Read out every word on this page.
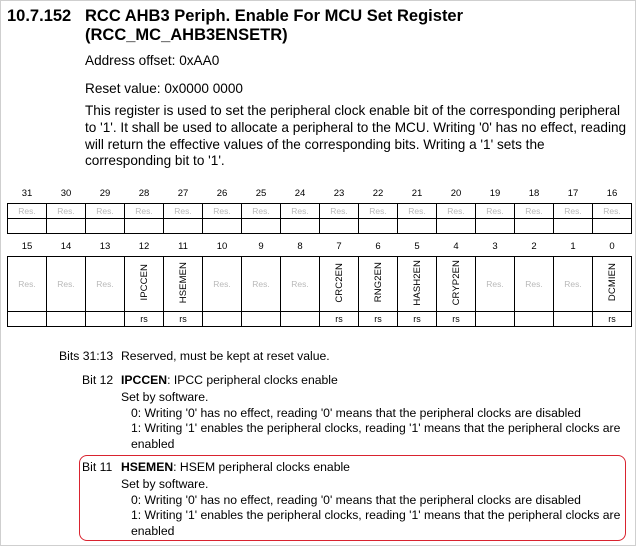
10.7.152 RCC AHB3 Periph. Enable For MCU Set Register (RCC_MC_AHB3ENSETR)
Address offset: 0xAA0
Reset value: 0x0000 0000
This register is used to set the peripheral clock enable bit of the corresponding peripheral to '1'. It shall be used to allocate a peripheral to the MCU. Writing '0' has no effect, reading will return the effective values of the corresponding bits. Writing a '1' sets the corresponding bit to '1'.
31	30	29	28	27	26	25	24	23	22	21	20	19	18	17	16
Res.	Res.	Res.	Res.	Res.	Res.	Res.	Res.	Res.	Res.	Res.	Res.	Res.	Res.	Res.	Res.

15	14	13	12	11	10	9	8	7	6	5	4	3	2	1	0
Res.	Res.	Res.	IPCCEN	HSEMEN	Res.	Res.	Res.	CRC2EN	RNG2EN	HASH2EN	CRYP2EN	Res.	Res.	Res.	DCMIEN
			rs	rs				rs	rs	rs	rs				rs
Bits 31:13 Reserved, must be kept at reset value.
Bit 12 IPCCEN: IPCC peripheral clocks enable
Set by software.
0: Writing '0' has no effect, reading '0' means that the peripheral clocks are disabled
1: Writing '1' enables the peripheral clocks, reading '1' means that the peripheral clocks are enabled
Bit 11 HSEMEN: HSEM peripheral clocks enable
Set by software.
0: Writing '0' has no effect, reading '0' means that the peripheral clocks are disabled
1: Writing '1' enables the peripheral clocks, reading '1' means that the peripheral clocks are enabled
